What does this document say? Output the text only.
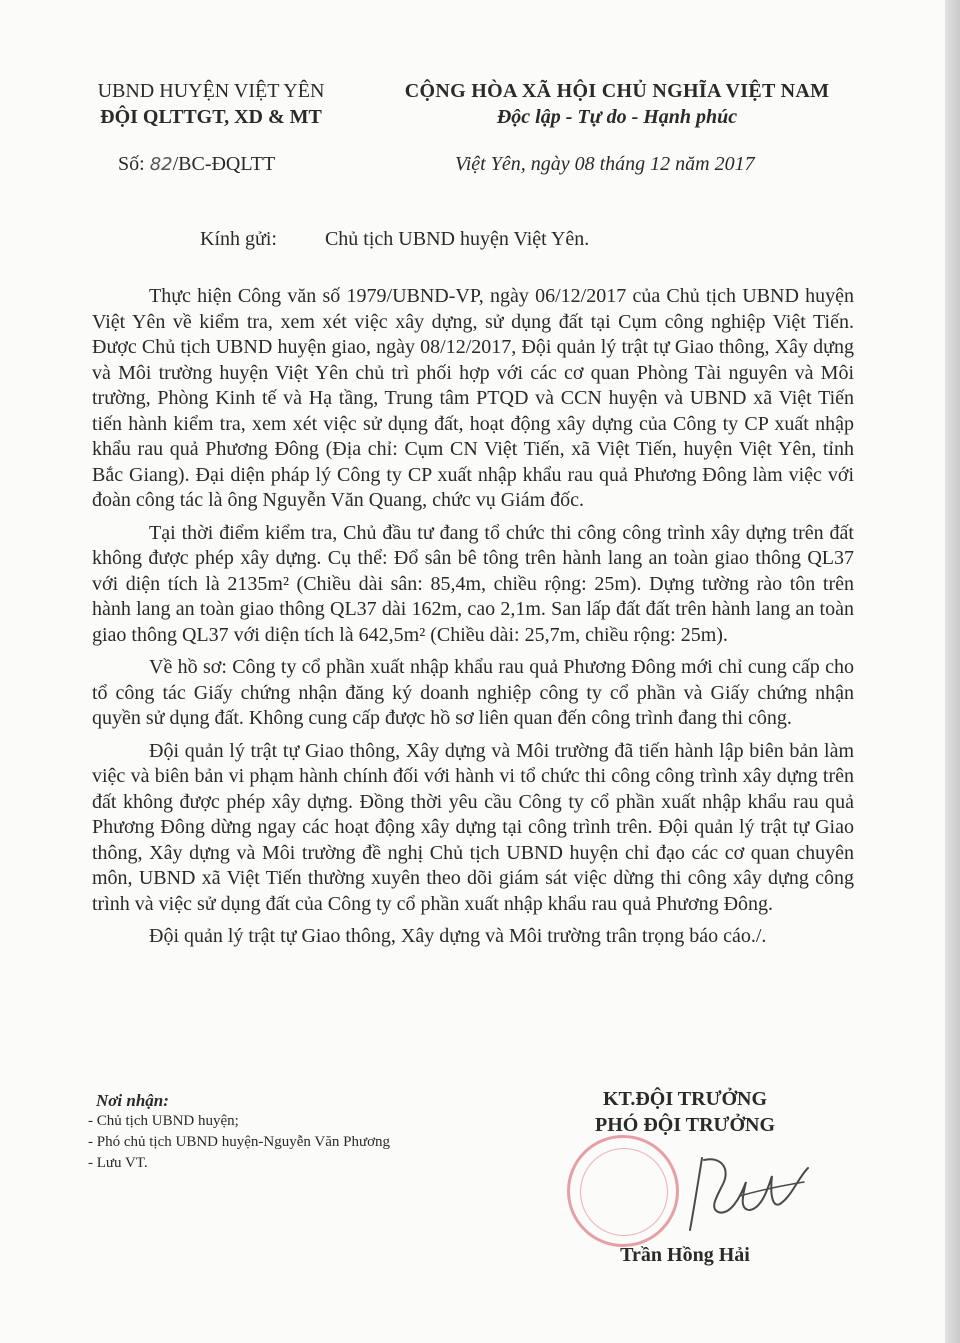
UBND HUYỆN VIỆT YÊN
ĐỘI QLTTGT, XD & MT
CỘNG HÒA XÃ HỘI CHỦ NGHĨA VIỆT NAM
Độc lập - Tự do - Hạnh phúc
Số: 82/BC-ĐQLTT	Việt Yên, ngày 08 tháng 12 năm 2017
Kính gửi: Chủ tịch UBND huyện Việt Yên.

Thực hiện Công văn số 1979/UBND-VP, ngày 06/12/2017 của Chủ tịch UBND huyện Việt Yên về kiểm tra, xem xét việc xây dựng, sử dụng đất tại Cụm công nghiệp Việt Tiến. Được Chủ tịch UBND huyện giao, ngày 08/12/2017, Đội quản lý trật tự Giao thông, Xây dựng và Môi trường huyện Việt Yên chủ trì phối hợp với các cơ quan Phòng Tài nguyên và Môi trường, Phòng Kinh tế và Hạ tầng, Trung tâm PTQD và CCN huyện và UBND xã Việt Tiến tiến hành kiểm tra, xem xét việc sử dụng đất, hoạt động xây dựng của Công ty CP xuất nhập khẩu rau quả Phương Đông (Địa chỉ: Cụm CN Việt Tiến, xã Việt Tiến, huyện Việt Yên, tỉnh Bắc Giang). Đại diện pháp lý Công ty CP xuất nhập khẩu rau quả Phương Đông làm việc với đoàn công tác là ông Nguyễn Văn Quang, chức vụ Giám đốc.

Tại thời điểm kiểm tra, Chủ đầu tư đang tổ chức thi công công trình xây dựng trên đất không được phép xây dựng. Cụ thể: Đổ sân bê tông trên hành lang an toàn giao thông QL37 với diện tích là 2135m² (Chiều dài sân: 85,4m, chiều rộng: 25m). Dựng tường rào tôn trên hành lang an toàn giao thông QL37 dài 162m, cao 2,1m. San lấp đất đất trên hành lang an toàn giao thông QL37 với diện tích là 642,5m² (Chiều dài: 25,7m, chiều rộng: 25m).

Về hồ sơ: Công ty cổ phần xuất nhập khẩu rau quả Phương Đông mới chỉ cung cấp cho tổ công tác Giấy chứng nhận đăng ký doanh nghiệp công ty cổ phần và Giấy chứng nhận quyền sử dụng đất. Không cung cấp được hồ sơ liên quan đến công trình đang thi công.

Đội quản lý trật tự Giao thông, Xây dựng và Môi trường đã tiến hành lập biên bản làm việc và biên bản vi phạm hành chính đối với hành vi tổ chức thi công công trình xây dựng trên đất không được phép xây dựng. Đồng thời yêu cầu Công ty cổ phần xuất nhập khẩu rau quả Phương Đông dừng ngay các hoạt động xây dựng tại công trình trên. Đội quản lý trật tự Giao thông, Xây dựng và Môi trường đề nghị Chủ tịch UBND huyện chỉ đạo các cơ quan chuyên môn, UBND xã Việt Tiến thường xuyên theo dõi giám sát việc dừng thi công xây dựng công trình và việc sử dụng đất của Công ty cổ phần xuất nhập khẩu rau quả Phương Đông.

Đội quản lý trật tự Giao thông, Xây dựng và Môi trường trân trọng báo cáo./.

Nơi nhận:
- Chủ tịch UBND huyện;
- Phó chủ tịch UBND huyện-Nguyễn Văn Phương
- Lưu VT.
KT.ĐỘI TRƯỞNG
PHÓ ĐỘI TRƯỞNG
Trần Hồng Hải
